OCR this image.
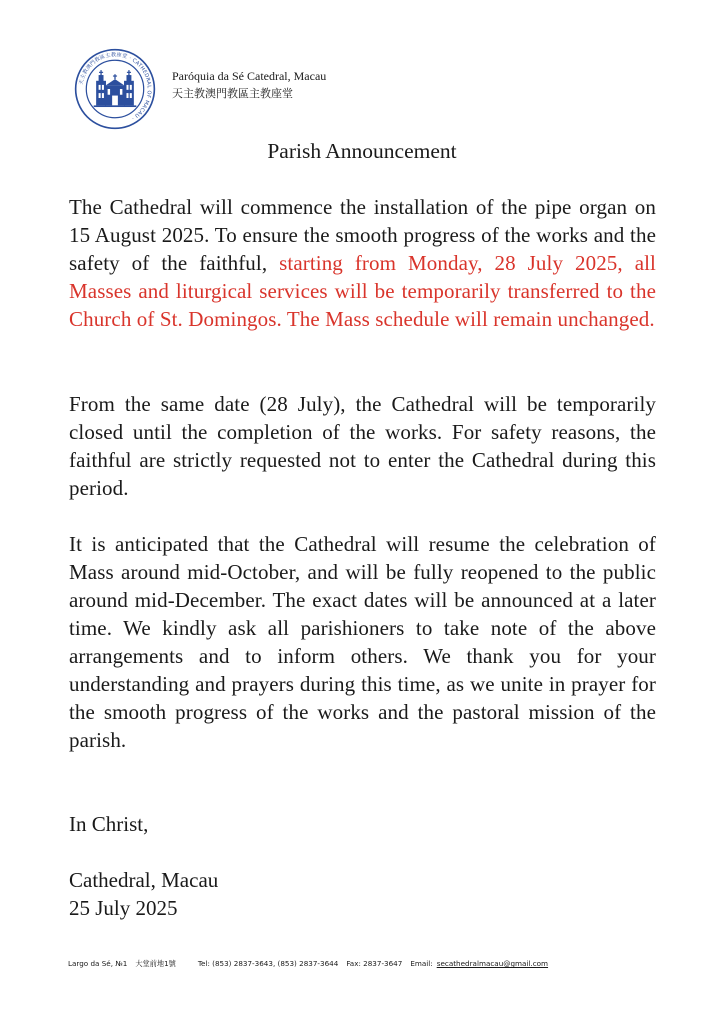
天主教澳門教區主教座堂 · CATHEDRAL OF MACAU ·
Paróquia da Sé Catedral, Macau
天主教澳門教區主教座堂
Parish Announcement
The Cathedral will commence the installation of the pipe organ on 15 August 2025. To ensure the smooth progress of the works and the safety of the faithful, starting from Monday, 28 July 2025, all Masses and liturgical services will be temporarily transferred to the Church of St. Domingos. The Mass schedule will remain unchanged.
From the same date (28 July), the Cathedral will be temporarily closed until the completion of the works. For safety reasons, the faithful are strictly requested not to enter the Cathedral during this period.
It is anticipated that the Cathedral will resume the celebration of Mass around mid-October, and will be fully reopened to the public around mid-December. The exact dates will be announced at a later time. We kindly ask all parishioners to take note of the above arrangements and to inform others. We thank you for your understanding and prayers during this time, as we unite in prayer for the smooth progress of the works and the pastoral mission of the parish.
In Christ,
Cathedral, Macau
25 July 2025
Largo da Sé, №1 大堂前地1號	Tel: (853) 2837-3643, (853) 2837-3644 Fax: 2837-3647 Email: secathedralmacau@gmail.com
